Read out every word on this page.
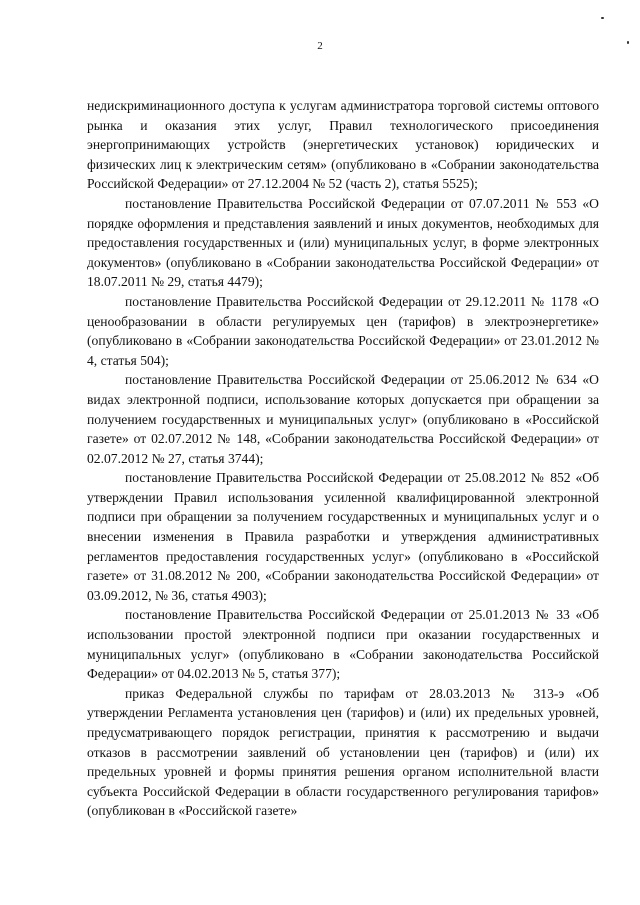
2

недискриминационного доступа к услугам администратора торговой системы оптового рынка и оказания этих услуг, Правил технологического присоединения энергопринимающих устройств (энергетических установок) юридических и физических лиц к электрическим сетям» (опубликовано в «Собрании законодательства Российской Федерации» от 27.12.2004 № 52 (часть 2), статья 5525);

постановление Правительства Российской Федерации от 07.07.2011 № 553 «О порядке оформления и представления заявлений и иных документов, необходимых для предоставления государственных и (или) муниципальных услуг, в форме электронных документов» (опубликовано в «Собрании законодательства Российской Федерации» от 18.07.2011 № 29, статья 4479);

постановление Правительства Российской Федерации от 29.12.2011 № 1178 «О ценообразовании в области регулируемых цен (тарифов) в электроэнергетике» (опубликовано в «Собрании законодательства Российской Федерации» от 23.01.2012 № 4, статья 504);

постановление Правительства Российской Федерации от 25.06.2012 № 634 «О видах электронной подписи, использование которых допускается при обращении за получением государственных и муниципальных услуг» (опубликовано в «Российской газете» от 02.07.2012 № 148, «Собрании законодательства Российской Федерации» от 02.07.2012 № 27, статья 3744);

постановление Правительства Российской Федерации от 25.08.2012 № 852 «Об утверждении Правил использования усиленной квалифицированной электронной подписи при обращении за получением государственных и муниципальных услуг и о внесении изменения в Правила разработки и утверждения административных регламентов предоставления государственных услуг» (опубликовано в «Российской газете» от 31.08.2012 № 200, «Собрании законодательства Российской Федерации» от 03.09.2012, № 36, статья 4903);

постановление Правительства Российской Федерации от 25.01.2013 № 33 «Об использовании простой электронной подписи при оказании государственных и муниципальных услуг» (опубликовано в «Собрании законодательства Российской Федерации» от 04.02.2013 № 5, статья 377);

приказ Федеральной службы по тарифам от 28.03.2013 № 313-э «Об утверждении Регламента установления цен (тарифов) и (или) их предельных уровней, предусматривающего порядок регистрации, принятия к рассмотрению и выдачи отказов в рассмотрении заявлений об установлении цен (тарифов) и (или) их предельных уровней и формы принятия решения органом исполнительной власти субъекта Российской Федерации в области государственного регулирования тарифов» (опубликован в «Российской газете»
